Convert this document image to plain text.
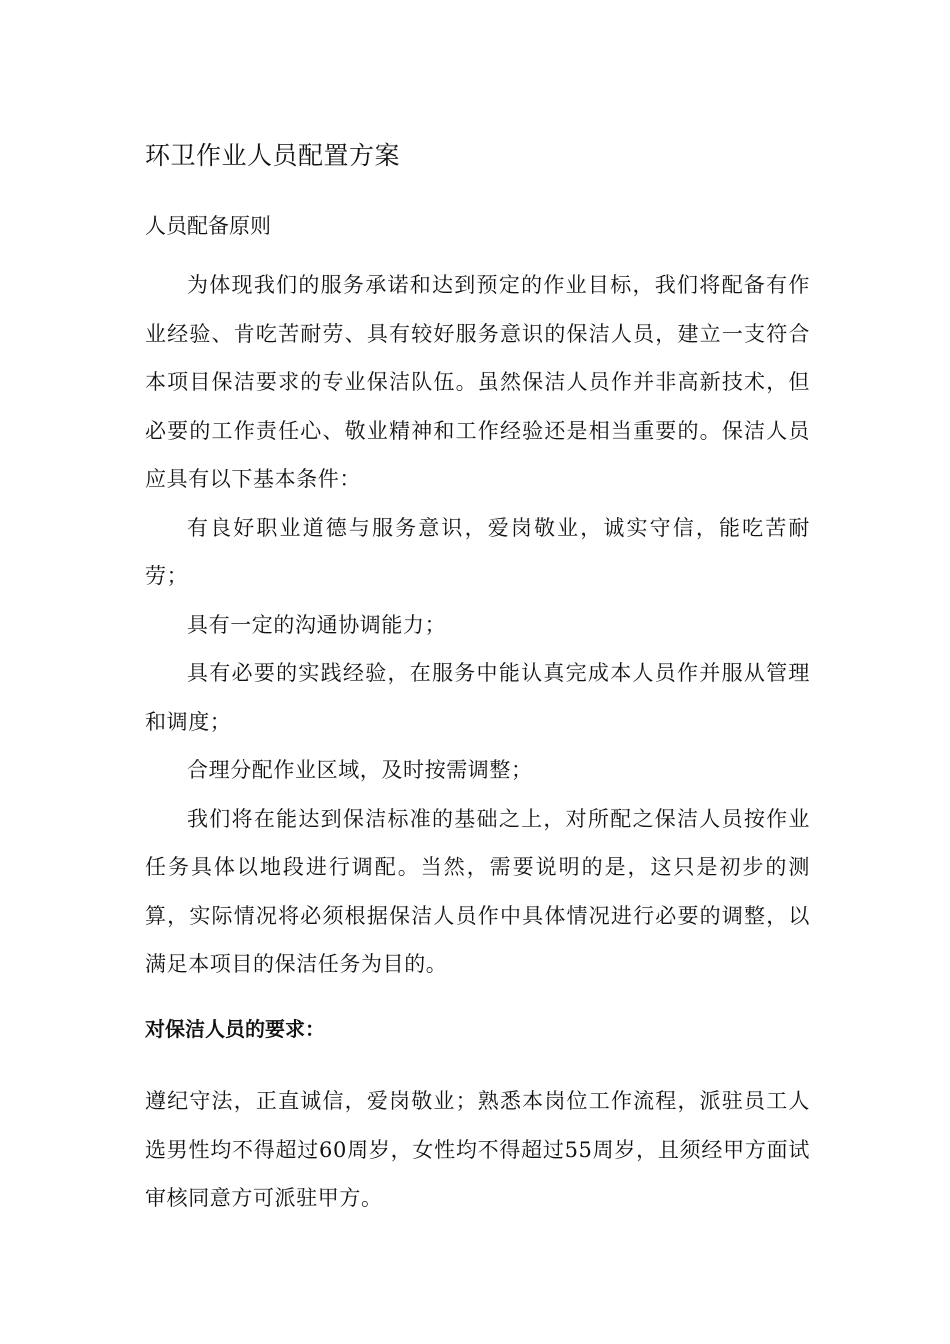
环卫作业人员配置方案
人员配备原则

为体现我们的服务承诺和达到预定的作业目标，我们将配备有作业经验、肯吃苦耐劳、具有较好服务意识的保洁人员，建立一支符合本项目保洁要求的专业保洁队伍。虽然保洁人员作并非高新技术，但必要的工作责任心、敬业精神和工作经验还是相当重要的。保洁人员应具有以下基本条件：

有良好职业道德与服务意识，爱岗敬业，诚实守信，能吃苦耐劳；

具有一定的沟通协调能力；

具有必要的实践经验，在服务中能认真完成本人员作并服从管理和调度；

合理分配作业区域，及时按需调整；

我们将在能达到保洁标准的基础之上，对所配之保洁人员按作业任务具体以地段进行调配。当然，需要说明的是，这只是初步的测算，实际情况将必须根据保洁人员作中具体情况进行必要的调整，以满足本项目的保洁任务为目的。

对保洁人员的要求：

遵纪守法，正直诚信，爱岗敬业；熟悉本岗位工作流程，派驻员工人选男性均不得超过60周岁，女性均不得超过55周岁，且须经甲方面试审核同意方可派驻甲方。
